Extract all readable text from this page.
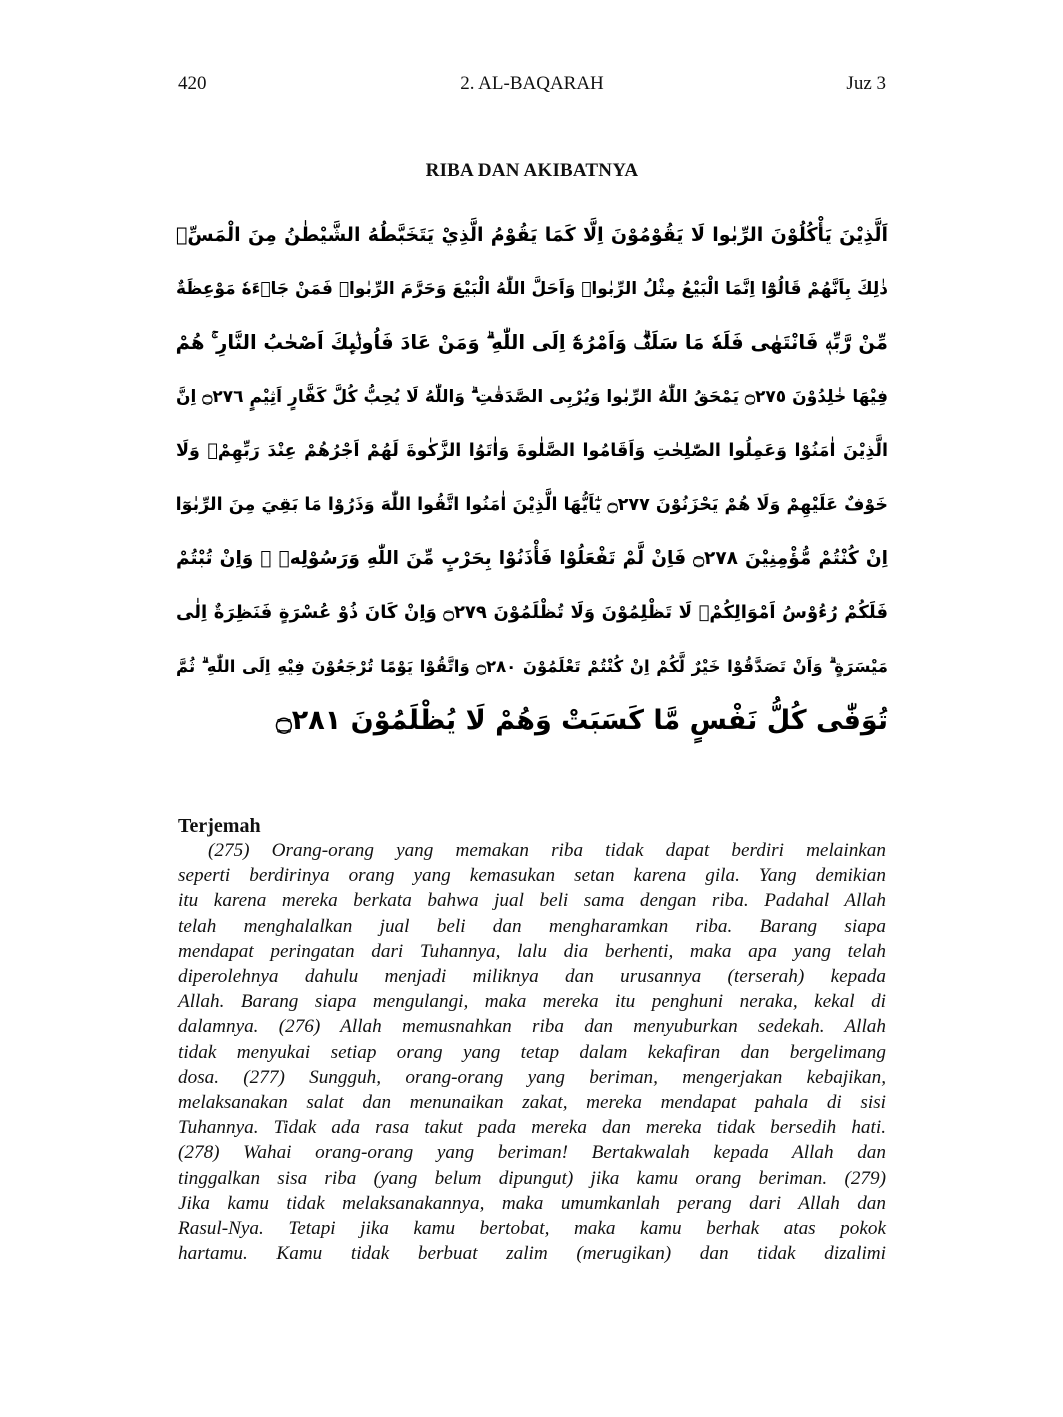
420	2. AL-BAQARAH	Juz 3
RIBA DAN AKIBATNYA
اَلَّذِيْنَ يَأْكُلُوْنَ الرِّبٰوا لَا يَقُوْمُوْنَ اِلَّا كَمَا يَقُوْمُ الَّذِيْ يَتَخَبَّطُهُ الشَّيْطٰنُ مِنَ الْمَسِّۗ
ذٰلِكَ بِاَنَّهُمْ قَالُوْٓا اِنَّمَا الْبَيْعُ مِثْلُ الرِّبٰواۘ وَاَحَلَّ اللّٰهُ الْبَيْعَ وَحَرَّمَ الرِّبٰواۗ فَمَنْ جَاۤءَهٗ مَوْعِظَةٌ
مِّنْ رَّبِّهٖ فَانْتَهٰى فَلَهٗ مَا سَلَفَۗ وَاَمْرُهٗٓ اِلَى اللّٰهِ ۗ وَمَنْ عَادَ فَاُولٰۤىِٕكَ اَصْحٰبُ النَّارِ ۚ هُمْ
فِيْهَا خٰلِدُوْنَ ۝٢٧٥ يَمْحَقُ اللّٰهُ الرِّبٰوا وَيُرْبِى الصَّدَقٰتِ ۗ وَاللّٰهُ لَا يُحِبُّ كُلَّ كَفَّارٍ اَثِيْمٍ ۝٢٧٦ اِنَّ
الَّذِيْنَ اٰمَنُوْا وَعَمِلُوا الصّٰلِحٰتِ وَاَقَامُوا الصَّلٰوةَ وَاٰتَوُا الزَّكٰوةَ لَهُمْ اَجْرُهُمْ عِنْدَ رَبِّهِمْۚ وَلَا
خَوْفٌ عَلَيْهِمْ وَلَا هُمْ يَحْزَنُوْنَ ۝٢٧٧ يٰٓاَيُّهَا الَّذِيْنَ اٰمَنُوا اتَّقُوا اللّٰهَ وَذَرُوْا مَا بَقِيَ مِنَ الرِّبٰوٓا
اِنْ كُنْتُمْ مُّؤْمِنِيْنَ ۝٢٧٨ فَاِنْ لَّمْ تَفْعَلُوْا فَأْذَنُوْا بِحَرْبٍ مِّنَ اللّٰهِ وَرَسُوْلِهٖ ۚ وَاِنْ تُبْتُمْ
فَلَكُمْ رُءُوْسُ اَمْوَالِكُمْۚ لَا تَظْلِمُوْنَ وَلَا تُظْلَمُوْنَ ۝٢٧٩ وَاِنْ كَانَ ذُوْ عُسْرَةٍ فَنَظِرَةٌ اِلٰى
مَيْسَرَةٍ ۗ وَاَنْ تَصَدَّقُوْا خَيْرٌ لَّكُمْ اِنْ كُنْتُمْ تَعْلَمُوْنَ ۝٢٨٠ وَاتَّقُوْا يَوْمًا تُرْجَعُوْنَ فِيْهِ اِلَى اللّٰهِ ۗ ثُمَّ
تُوَفّٰى كُلُّ نَفْسٍ مَّا كَسَبَتْ وَهُمْ لَا يُظْلَمُوْنَ ۝٢٨١
Terjemah
(275) Orang-orang yang memakan riba tidak dapat berdiri melainkan
seperti berdirinya orang yang kemasukan setan karena gila. Yang demikian
itu karena mereka berkata bahwa jual beli sama dengan riba. Padahal Allah
telah menghalalkan jual beli dan mengharamkan riba. Barang siapa
mendapat peringatan dari Tuhannya, lalu dia berhenti, maka apa yang telah
diperolehnya dahulu menjadi miliknya dan urusannya (terserah) kepada
Allah. Barang siapa mengulangi, maka mereka itu penghuni neraka, kekal di
dalamnya. (276) Allah memusnahkan riba dan menyuburkan sedekah. Allah
tidak menyukai setiap orang yang tetap dalam kekafiran dan bergelimang
dosa. (277) Sungguh, orang-orang yang beriman, mengerjakan kebajikan,
melaksanakan salat dan menunaikan zakat, mereka mendapat pahala di sisi
Tuhannya. Tidak ada rasa takut pada mereka dan mereka tidak bersedih hati.
(278) Wahai orang-orang yang beriman! Bertakwalah kepada Allah dan
tinggalkan sisa riba (yang belum dipungut) jika kamu orang beriman. (279)
Jika kamu tidak melaksanakannya, maka umumkanlah perang dari Allah dan
Rasul-Nya. Tetapi jika kamu bertobat, maka kamu berhak atas pokok
hartamu. Kamu tidak berbuat zalim (merugikan) dan tidak dizalimi
